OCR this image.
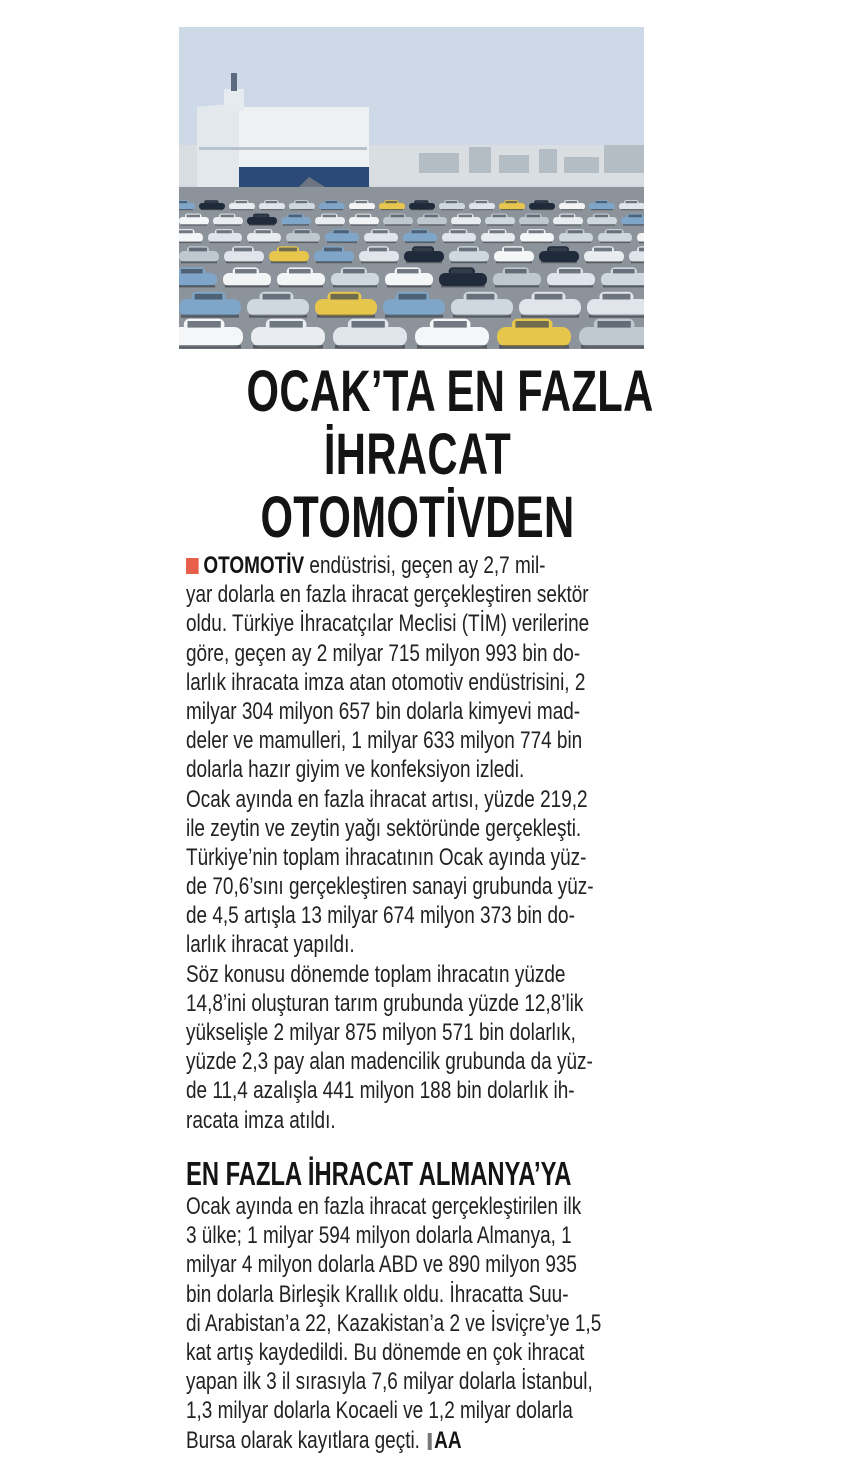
OCAK’TA EN FAZLA
İHRACAT
OTOMOTİVDEN
OTOMOTİV endüstrisi, geçen ay 2,7 mil-
yar dolarla en fazla ihracat gerçekleştiren sektör
oldu. Türkiye İhracatçılar Meclisi (TİM) verilerine
göre, geçen ay 2 milyar 715 milyon 993 bin do-
larlık ihracata imza atan otomotiv endüstrisini, 2
milyar 304 milyon 657 bin dolarla kimyevi mad-
deler ve mamulleri, 1 milyar 633 milyon 774 bin
dolarla hazır giyim ve konfeksiyon izledi.
Ocak ayında en fazla ihracat artısı, yüzde 219,2
ile zeytin ve zeytin yağı sektöründe gerçekleşti.
Türkiye’nin toplam ihracatının Ocak ayında yüz-
de 70,6’sını gerçekleştiren sanayi grubunda yüz-
de 4,5 artışla 13 milyar 674 milyon 373 bin do-
larlık ihracat yapıldı.
Söz konusu dönemde toplam ihracatın yüzde
14,8’ini oluşturan tarım grubunda yüzde 12,8’lik
yükselişle 2 milyar 875 milyon 571 bin dolarlık,
yüzde 2,3 pay alan madencilik grubunda da yüz-
de 11,4 azalışla 441 milyon 188 bin dolarlık ih-
racata imza atıldı.
EN FAZLA İHRACAT ALMANYA’YA
Ocak ayında en fazla ihracat gerçekleştirilen ilk
3 ülke; 1 milyar 594 milyon dolarla Almanya, 1
milyar 4 milyon dolarla ABD ve 890 milyon 935
bin dolarla Birleşik Krallık oldu. İhracatta Suu-
di Arabistan’a 22, Kazakistan’a 2 ve İsviçre’ye 1,5
kat artış kaydedildi. Bu dönemde en çok ihracat
yapan ilk 3 il sırasıyla 7,6 milyar dolarla İstanbul,
1,3 milyar dolarla Kocaeli ve 1,2 milyar dolarla
Bursa olarak kayıtlara geçti. AA
